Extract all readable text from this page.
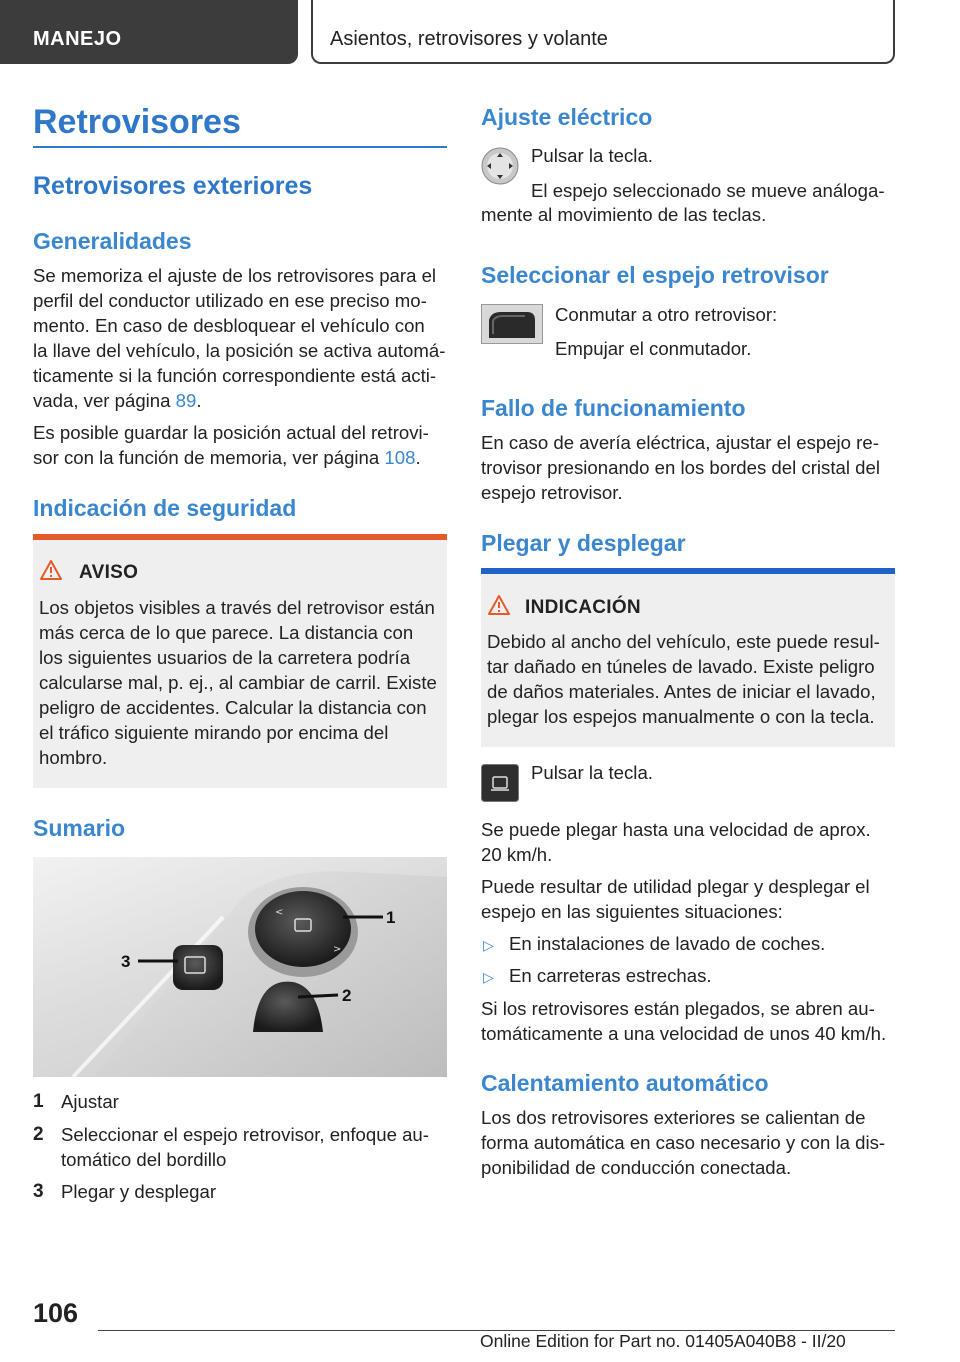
MANEJO	Asientos, retrovisores y volante
Retrovisores
Retrovisores exteriores
Generalidades
Se memoriza el ajuste de los retrovisores para el
perfil del conductor utilizado en ese preciso mo-
mento. En caso de desbloquear el vehículo con
la llave del vehículo, la posición se activa automá-
ticamente si la función correspondiente está acti-
vada, ver página 89.
Es posible guardar la posición actual del retrovi-
sor con la función de memoria, ver página 108.
Indicación de seguridad
AVISO
Los objetos visibles a través del retrovisor están
más cerca de lo que parece. La distancia con
los siguientes usuarios de la carretera podría
calcularse mal, p. ej., al cambiar de carril. Existe
peligro de accidentes. Calcular la distancia con
el tráfico siguiente mirando por encima del
hombro.
Sumario
<
>
1
2
3
1 Ajustar
2 Seleccionar el espejo retrovisor, enfoque au-
tomático del bordillo
3 Plegar y desplegar
Ajuste eléctrico
Pulsar la tecla.
El espejo seleccionado se mueve análoga-
mente al movimiento de las teclas.
Seleccionar el espejo retrovisor
Conmutar a otro retrovisor:
Empujar el conmutador.
Fallo de funcionamiento
En caso de avería eléctrica, ajustar el espejo re-
trovisor presionando en los bordes del cristal del
espejo retrovisor.
Plegar y desplegar
INDICACIÓN
Debido al ancho del vehículo, este puede resul-
tar dañado en túneles de lavado. Existe peligro
de daños materiales. Antes de iniciar el lavado,
plegar los espejos manualmente o con la tecla.
Pulsar la tecla.
Se puede plegar hasta una velocidad de aprox.
20 km/h.
Puede resultar de utilidad plegar y desplegar el
espejo en las siguientes situaciones:
▷ En instalaciones de lavado de coches.
▷ En carreteras estrechas.
Si los retrovisores están plegados, se abren au-
tomáticamente a una velocidad de unos 40 km/h.
Calentamiento automático
Los dos retrovisores exteriores se calientan de
forma automática en caso necesario y con la dis-
ponibilidad de conducción conectada.
106
Online Edition for Part no. 01405A040B8 - II/20
